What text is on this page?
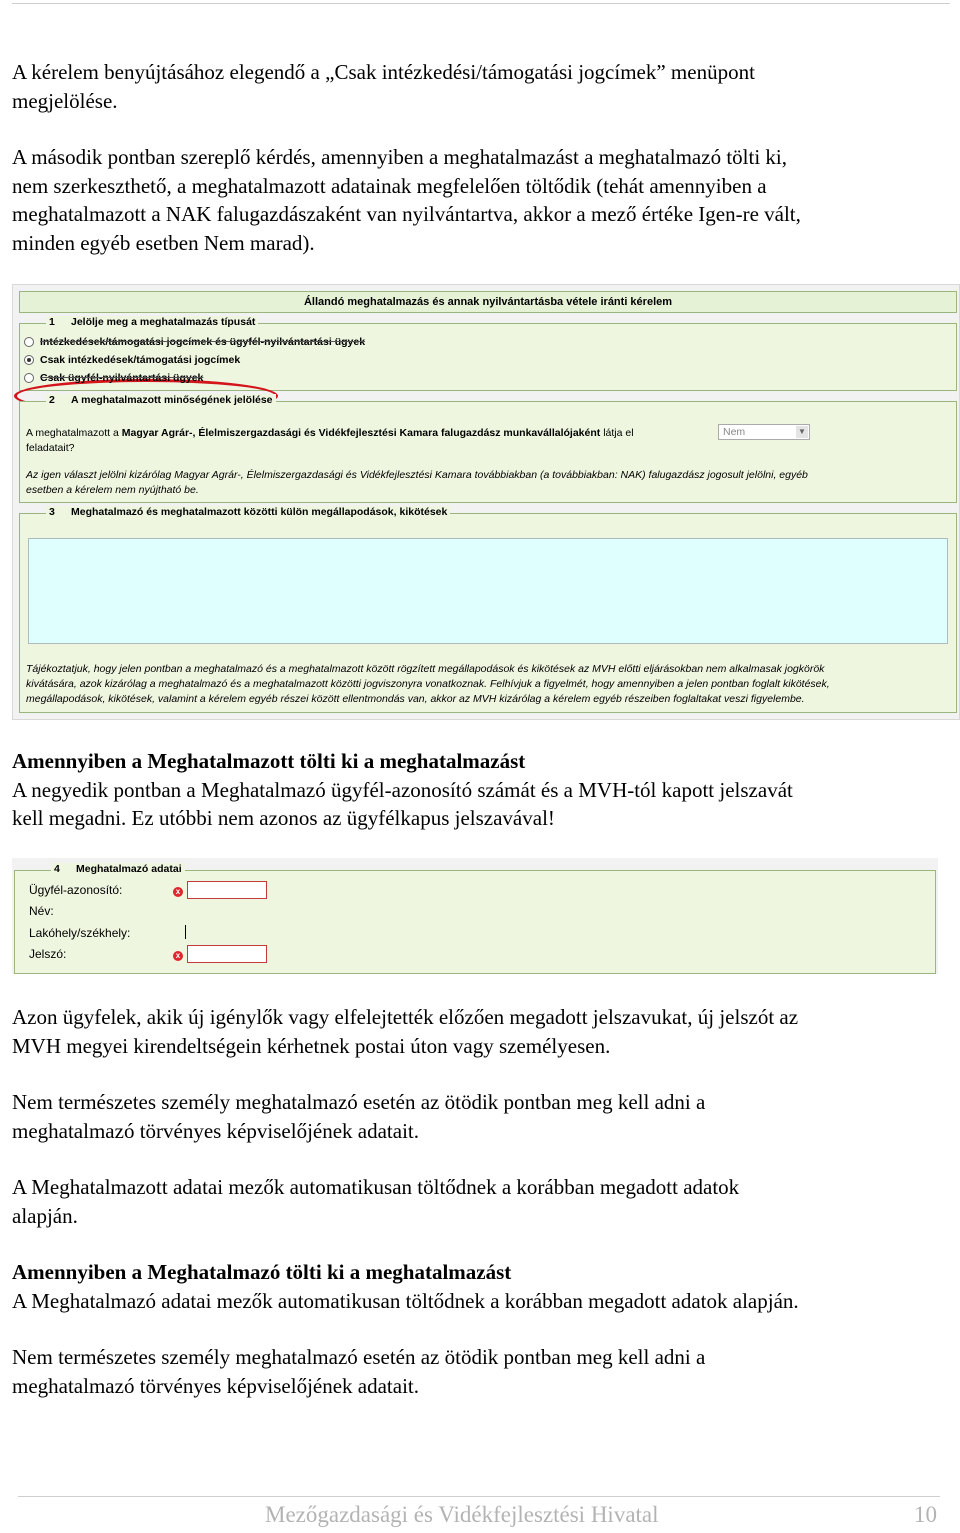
A kérelem benyújtásához elegendő a „Csak intézkedési/támogatási jogcímek” menüpont
megjelölése.
A második pontban szereplő kérdés, amennyiben a meghatalmazást a meghatalmazó tölti ki,
nem szerkeszthető, a meghatalmazott adatainak megfelelően töltődik (tehát amennyiben a
meghatalmazott a NAK falugazdászaként van nyilvántartva, akkor a mező értéke Igen-re vált,
minden egyéb esetben Nem marad).
Állandó meghatalmazás és annak nyilvántartásba vétele iránti kérelem
1 Jelölje meg a meghatalmazás típusát
Intézkedések/támogatási jogcímek és ügyfél-nyilvántartási ügyek
Csak intézkedések/támogatási jogcímek
Csak ügyfél-nyilvántartási ügyek
2 A meghatalmazott minőségének jelölése
A meghatalmazott a Magyar Agrár-, Élelmiszergazdasági és Vidékfejlesztési Kamara falugazdász munkavállalójaként látja el
feladatait?
Nem	▼
Az igen választ jelölni kizárólag Magyar Agrár-, Élelmiszergazdasági és Vidékfejlesztési Kamara továbbiakban (a továbbiakban: NAK) falugazdász jogosult jelölni, egyéb
esetben a kérelem nem nyújtható be.
3 Meghatalmazó és meghatalmazott közötti külön megállapodások, kikötések
Tájékoztatjuk, hogy jelen pontban a meghatalmazó és a meghatalmazott között rögzített megállapodások és kikötések az MVH előtti eljárásokban nem alkalmasak jogkörök
kivátására, azok kizárólag a meghatalmazó és a meghatalmazott közötti jogviszonyra vonatkoznak. Felhívjuk a figyelmét, hogy amennyiben a jelen pontban foglalt kikötések,
megállapodások, kikötések, valamint a kérelem egyéb részei között ellentmondás van, akkor az MVH kizárólag a kérelem egyéb részeiben foglaltakat veszi figyelembe.
Amennyiben a Meghatalmazott tölti ki a meghatalmazást
A negyedik pontban a Meghatalmazó ügyfél-azonosító számát és a MVH-tól kapott jelszavát
kell megadni. Ez utóbbi nem azonos az ügyfélkapus jelszavával!
4 Meghatalmazó adatai
Ügyfél-azonosító:	x
Név:
Lakóhely/székhely:
Jelszó:	x
Azon ügyfelek, akik új igénylők vagy elfelejtették előzően megadott jelszavukat, új jelszót az
MVH megyei kirendeltségein kérhetnek postai úton vagy személyesen.
Nem természetes személy meghatalmazó esetén az ötödik pontban meg kell adni a
meghatalmazó törvényes képviselőjének adatait.
A Meghatalmazott adatai mezők automatikusan töltődnek a korábban megadott adatok
alapján.
Amennyiben a Meghatalmazó tölti ki a meghatalmazást
A Meghatalmazó adatai mezők automatikusan töltődnek a korábban megadott adatok alapján.
Nem természetes személy meghatalmazó esetén az ötödik pontban meg kell adni a
meghatalmazó törvényes képviselőjének adatait.
Mezőgazdasági és Vidékfejlesztési Hivatal	10
